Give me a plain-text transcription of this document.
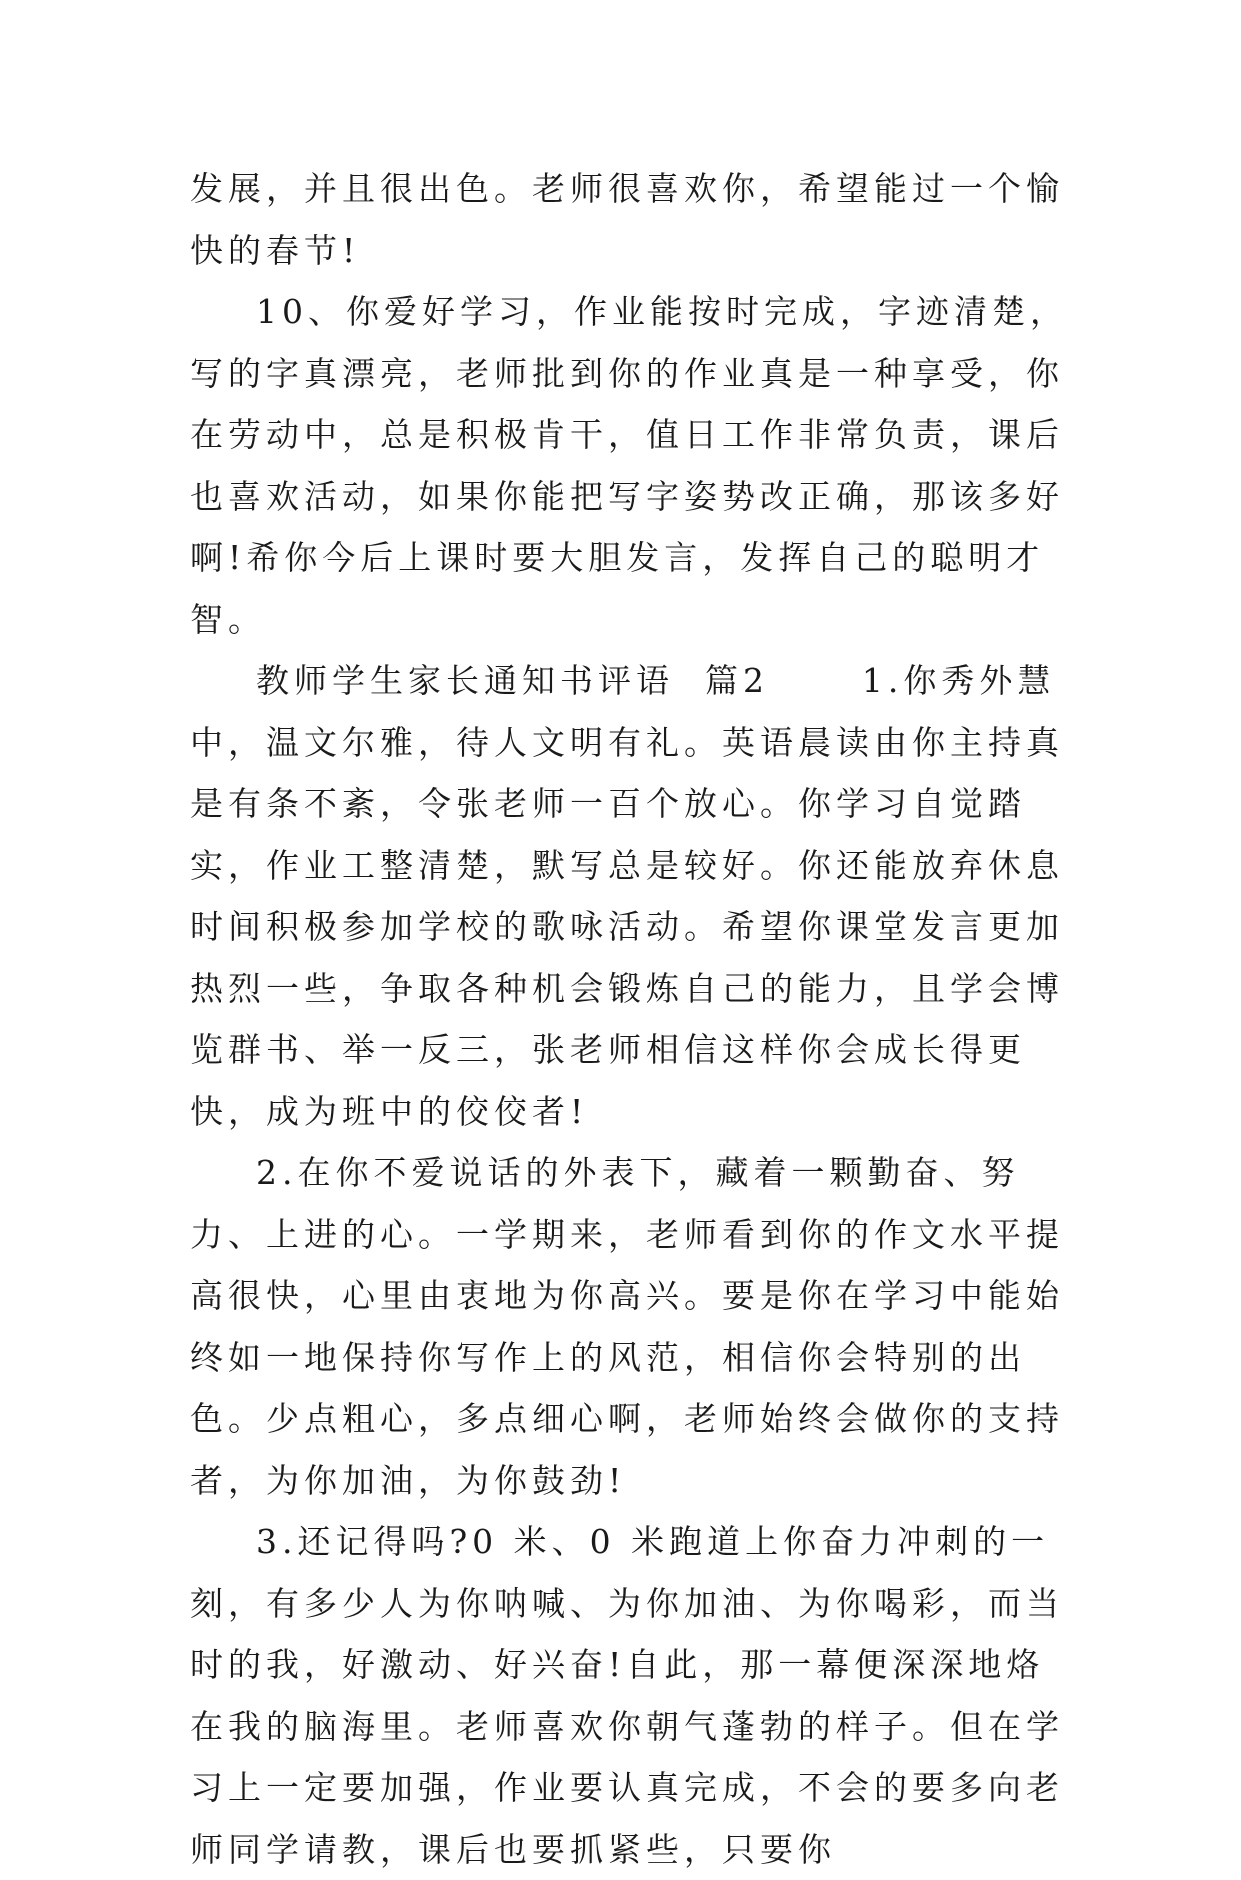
发展，并且很出色。老师很喜欢你，希望能过一个愉快的春节!

10、你爱好学习，作业能按时完成，字迹清楚，写的字真漂亮，老师批到你的作业真是一种享受，你在劳动中，总是积极肯干，值日工作非常负责，课后也喜欢活动，如果你能把写字姿势改正确，那该多好啊!希你今后上课时要大胆发言，发挥自己的聪明才智。

教师学生家长通知书评语  篇2      1.你秀外慧中，温文尔雅，待人文明有礼。英语晨读由你主持真是有条不紊，令张老师一百个放心。你学习自觉踏实，作业工整清楚，默写总是较好。你还能放弃休息时间积极参加学校的歌咏活动。希望你课堂发言更加热烈一些，争取各种机会锻炼自己的能力，且学会博览群书、举一反三，张老师相信这样你会成长得更快，成为班中的佼佼者!

2.在你不爱说话的外表下，藏着一颗勤奋、努力、上进的心。一学期来，老师看到你的作文水平提高很快，心里由衷地为你高兴。要是你在学习中能始终如一地保持你写作上的风范，相信你会特别的出色。少点粗心，多点细心啊，老师始终会做你的支持者，为你加油，为你鼓劲!

3.还记得吗?0 米、0 米跑道上你奋力冲刺的一刻，有多少人为你呐喊、为你加油、为你喝彩，而当时的我，好激动、好兴奋!自此，那一幕便深深地烙在我的脑海里。老师喜欢你朝气蓬勃的样子。但在学习上一定要加强，作业要认真完成，不会的要多向老师同学请教，课后也要抓紧些，只要你
